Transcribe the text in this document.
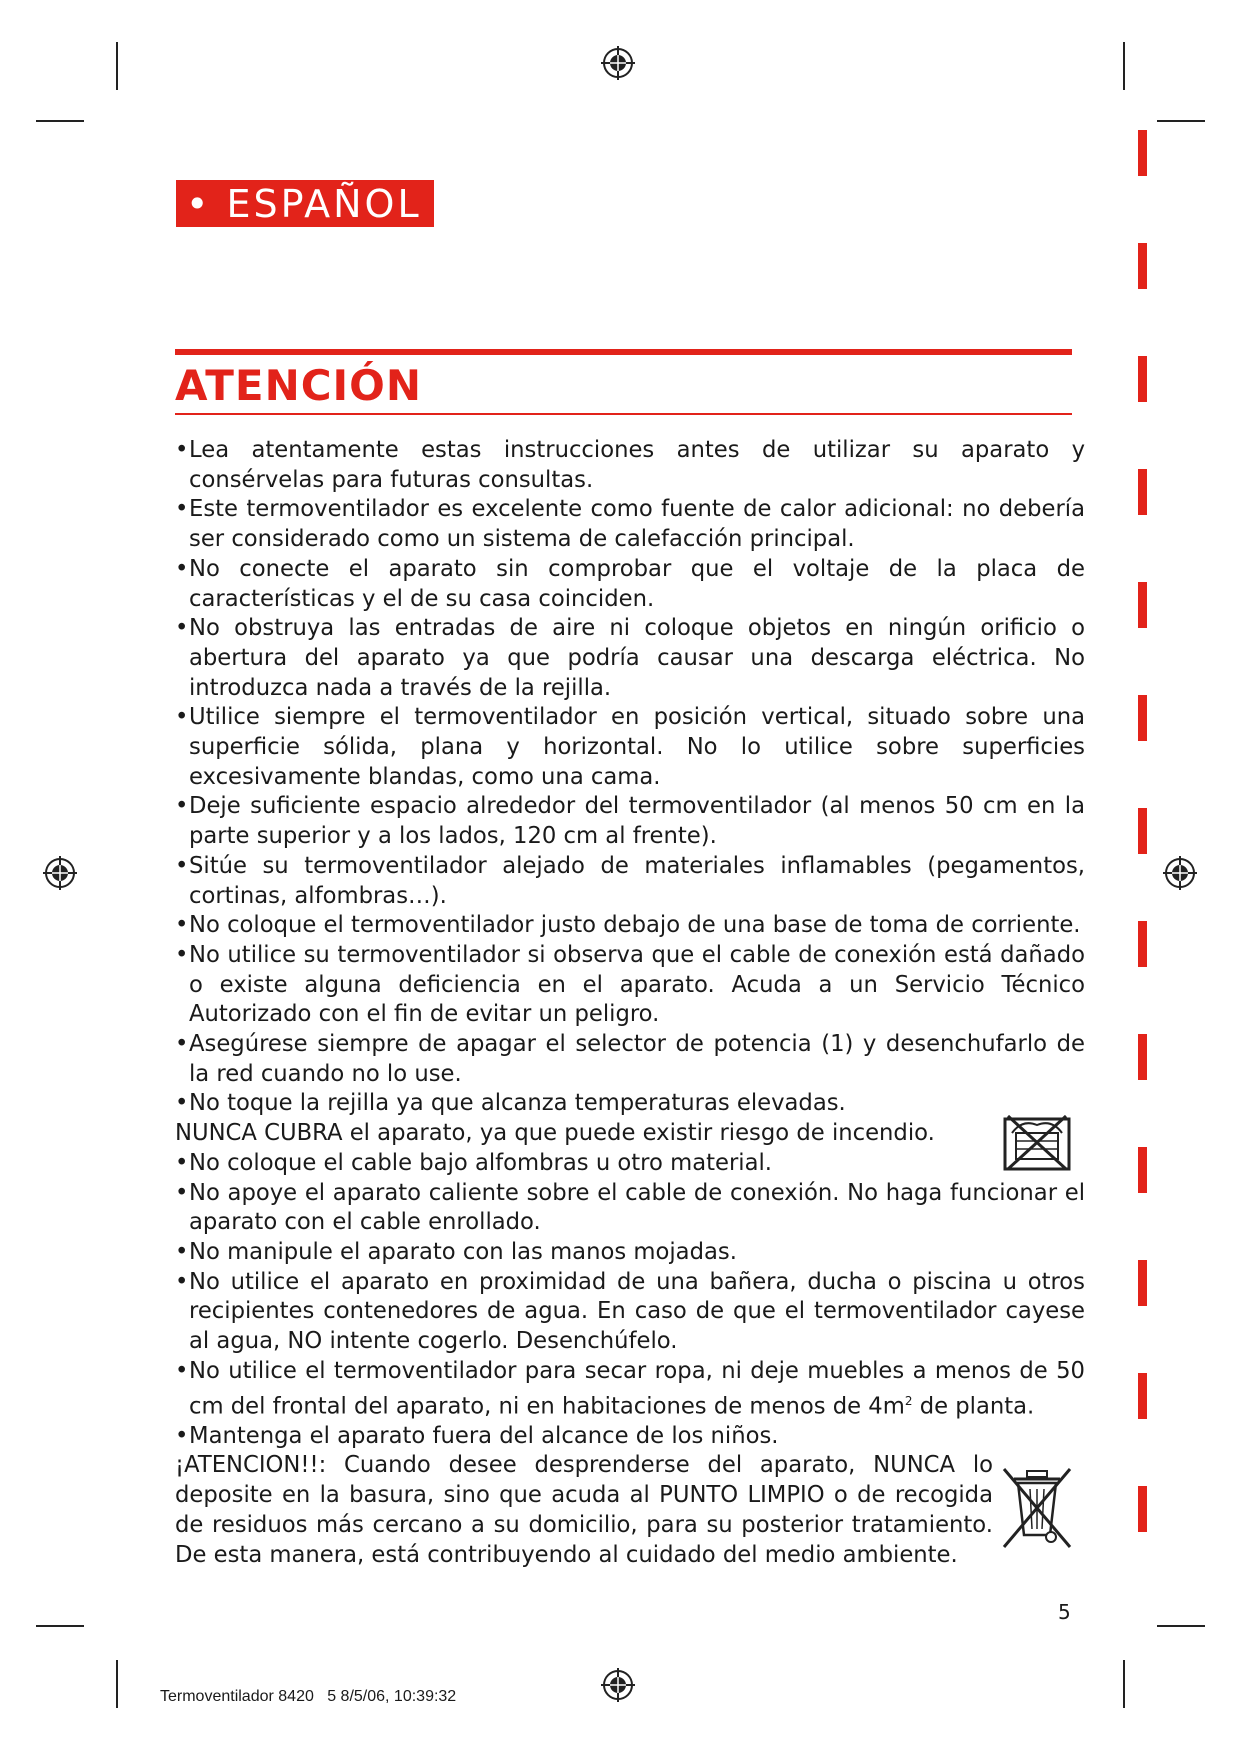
• ESPAÑOL
ATENCIÓN
•Lea atentamente estas instrucciones antes de utilizar su aparato y consérvelas para futuras consultas.
•Este termoventilador es excelente como fuente de calor adicional: no debería ser considerado como un sistema de calefacción principal.
•No conecte el aparato sin comprobar que el voltaje de la placa de características y el de su casa coinciden.
•No obstruya las entradas de aire ni coloque objetos en ningún orificio o abertura del aparato ya que podría causar una descarga eléctrica. No introduzca nada a través de la rejilla.
•Utilice siempre el termoventilador en posición vertical, situado sobre una superficie sólida, plana y horizontal. No lo utilice sobre superficies excesivamente blandas, como una cama.
•Deje suficiente espacio alrededor del termoventilador (al menos 50 cm en la parte superior y a los lados, 120 cm al frente).
•Sitúe su termoventilador alejado de materiales inflamables (pegamentos, cortinas, alfombras…).
•No coloque el termoventilador justo debajo de una base de toma de corriente.
•No utilice su termoventilador si observa que el cable de conexión está dañado o existe alguna deficiencia en el aparato. Acuda a un Servicio Técnico Autorizado con el fin de evitar un peligro.
•Asegúrese siempre de apagar el selector de potencia (1) y desenchufarlo de la red cuando no lo use.
•No toque la rejilla ya que alcanza temperaturas elevadas.
NUNCA CUBRA el aparato, ya que puede existir riesgo de incendio.
•No coloque el cable bajo alfombras u otro material.
•No apoye el aparato caliente sobre el cable de conexión. No haga funcionar el aparato con el cable enrollado.
•No manipule el aparato con las manos mojadas.
•No utilice el aparato en proximidad de una bañera, ducha o piscina u otros recipientes contenedores de agua. En caso de que el termoventilador cayese al agua, NO intente cogerlo. Desenchúfelo.
•No utilice el termoventilador para secar ropa, ni deje muebles a menos de 50 cm del frontal del aparato, ni en habitaciones de menos de $4m^2$ de planta.
•Mantenga el aparato fuera del alcance de los niños.
¡ATENCION!!: Cuando desee desprenderse del aparato, NUNCA lo deposite en la basura, sino que acuda al PUNTO LIMPIO o de recogida de residuos más cercano a su domicilio, para su posterior tratamiento. De esta manera, está contribuyendo al cuidado del medio ambiente.
5
Termoventilador 8420   5 8/5/06, 10:39:32
